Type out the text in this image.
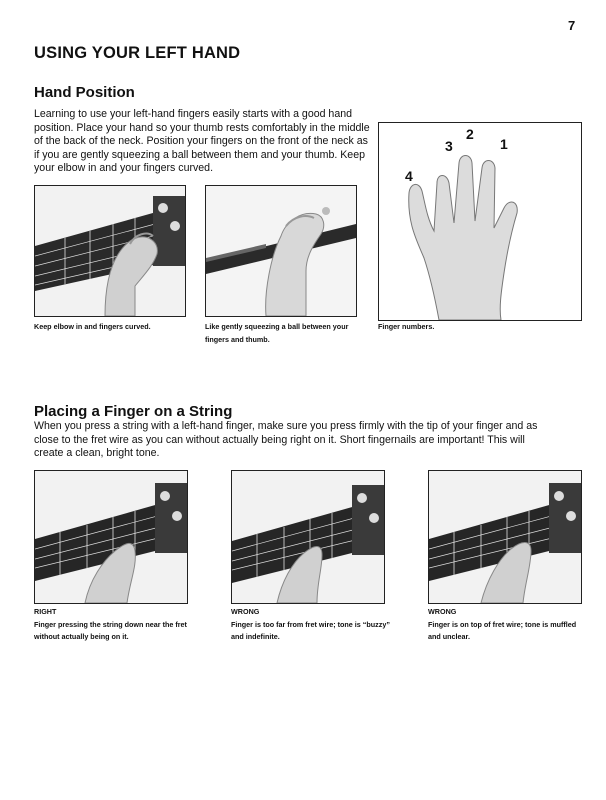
7
USING YOUR LEFT HAND
Hand Position
Learning to use your left-hand fingers easily starts with a good hand position. Place your hand so your thumb rests comfortably in the middle of the back of the neck. Position your fingers on the front of the neck as if you are gently squeezing a ball between them and your thumb. Keep your elbow in and your fingers curved.
1
2
3
4
Keep elbow in and fingers curved.	Like gently squeezing a ball between your fingers and thumb.
Finger numbers.
Placing a Finger on a String
When you press a string with a left-hand finger, make sure you press firmly with the tip of your finger and as close to the fret wire as you can without actually being right on it. Short fingernails are important! This will create a clean, bright tone.
RIGHT
Finger pressing the string down near the fret without actually being on it.
WRONG
Finger is too far from fret wire; tone is “buzzy” and indefinite.
WRONG
Finger is on top of fret wire; tone is muffled and unclear.
